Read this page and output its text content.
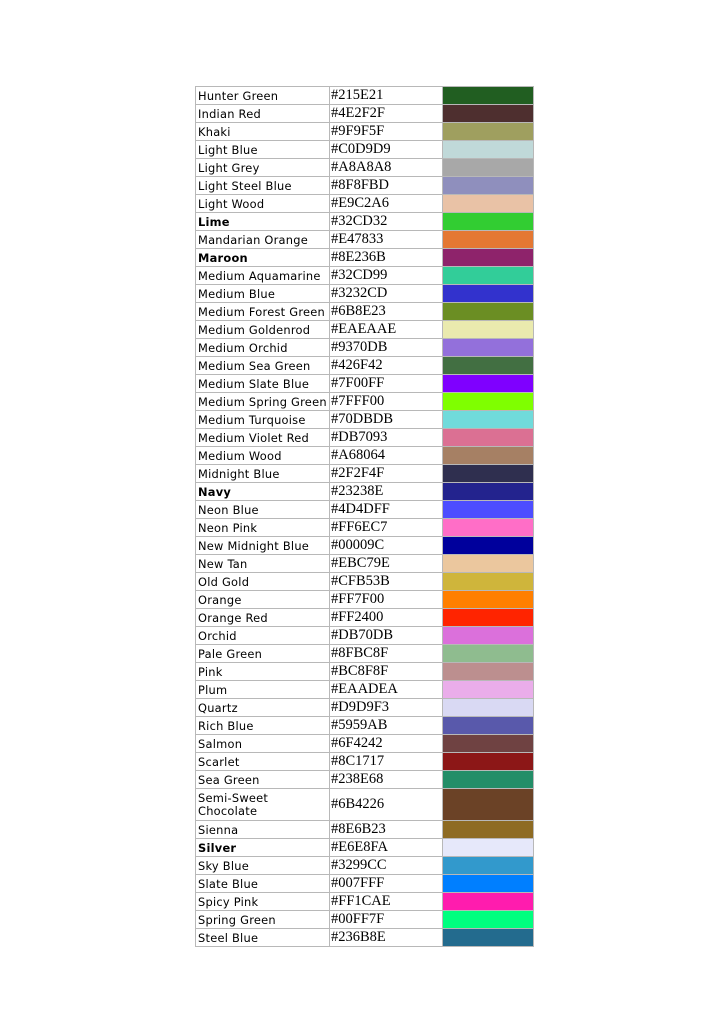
Hunter Green	#215E21	

Indian Red	#4E2F2F	

Khaki	#9F9F5F	

Light Blue	#C0D9D9	

Light Grey	#A8A8A8	

Light Steel Blue	#8F8FBD	

Light Wood	#E9C2A6	

Lime	#32CD32	

Mandarian Orange	#E47833	

Maroon	#8E236B	

Medium Aquamarine	#32CD99	

Medium Blue	#3232CD	

Medium Forest Green	#6B8E23	

Medium Goldenrod	#EAEAAE	

Medium Orchid	#9370DB	

Medium Sea Green	#426F42	

Medium Slate Blue	#7F00FF	

Medium Spring Green	#7FFF00	

Medium Turquoise	#70DBDB	

Medium Violet Red	#DB7093	

Medium Wood	#A68064	

Midnight Blue	#2F2F4F	

Navy	#23238E	

Neon Blue	#4D4DFF	

Neon Pink	#FF6EC7	

New Midnight Blue	#00009C	

New Tan	#EBC79E	

Old Gold	#CFB53B	

Orange	#FF7F00	

Orange Red	#FF2400	

Orchid	#DB70DB	

Pale Green	#8FBC8F	

Pink	#BC8F8F	

Plum	#EAADEA	

Quartz	#D9D9F3	

Rich Blue	#5959AB	

Salmon	#6F4242	

Scarlet	#8C1717	

Sea Green	#238E68	

Semi-Sweet Chocolate	#6B4226	

Sienna	#8E6B23	

Silver	#E6E8FA	

Sky Blue	#3299CC	

Slate Blue	#007FFF	

Spicy Pink	#FF1CAE	

Spring Green	#00FF7F	

Steel Blue	#236B8E	
